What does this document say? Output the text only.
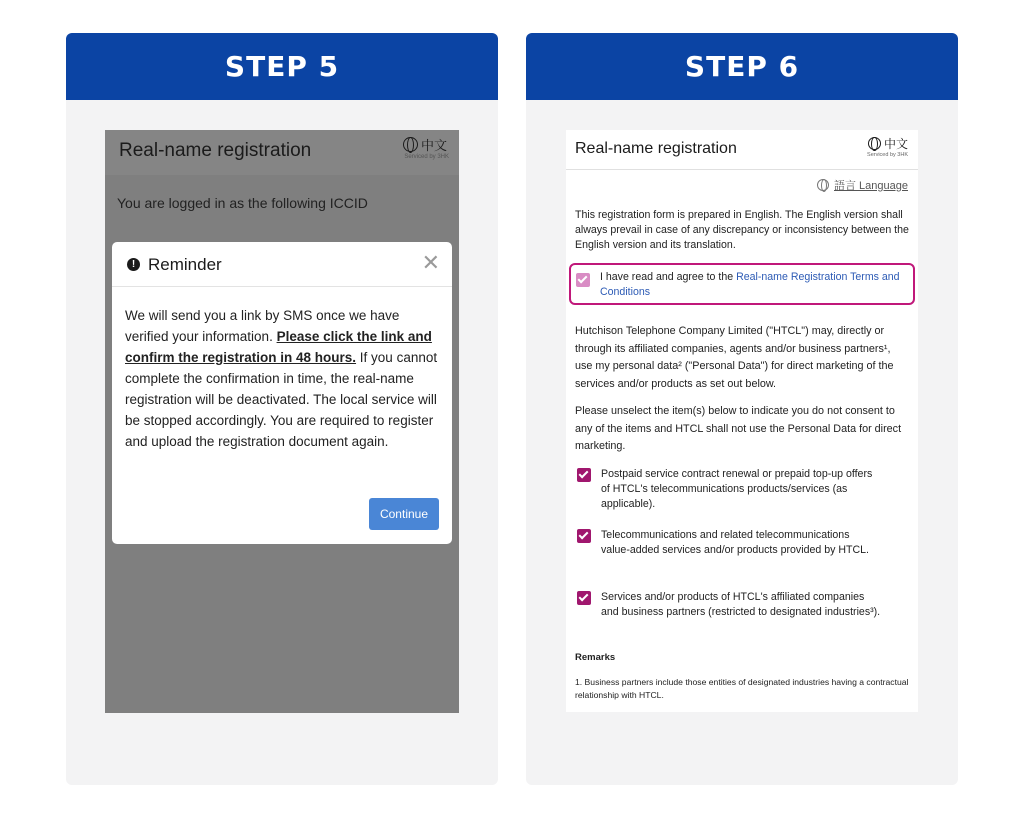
STEP 5
Real-name registration	中文
Serviced by 3HK
You are logged in as the following ICCID
! Reminder	✕
We will send you a link by SMS once we have verified your information. Please click the link and confirm the registration in 48 hours. If you cannot complete the confirmation in time, the real-name registration will be deactivated. The local service will be stopped accordingly. You are required to register and upload the registration document again.
Continue
STEP 6
Real-name registration	中文
Serviced by 3HK
語言 Language
This registration form is prepared in English. The English version shall always prevail in case of any discrepancy or inconsistency between the English version and its translation.
I have read and agree to the Real-name Registration Terms and Conditions
Hutchison Telephone Company Limited ("HTCL") may, directly or through its affiliated companies, agents and/or business partners¹, use my personal data² ("Personal Data") for direct marketing of the services and/or products as set out below.
Please unselect the item(s) below to indicate you do not consent to any of the items and HTCL shall not use the Personal Data for direct marketing.
Postpaid service contract renewal or prepaid top-up offers of HTCL's telecommunications products/services (as applicable).
Telecommunications and related telecommunications value-added services and/or products provided by HTCL.
Services and/or products of HTCL's affiliated companies and business partners (restricted to designated industries³).
Remarks
1. Business partners include those entities of designated industries having a contractual relationship with HTCL.
